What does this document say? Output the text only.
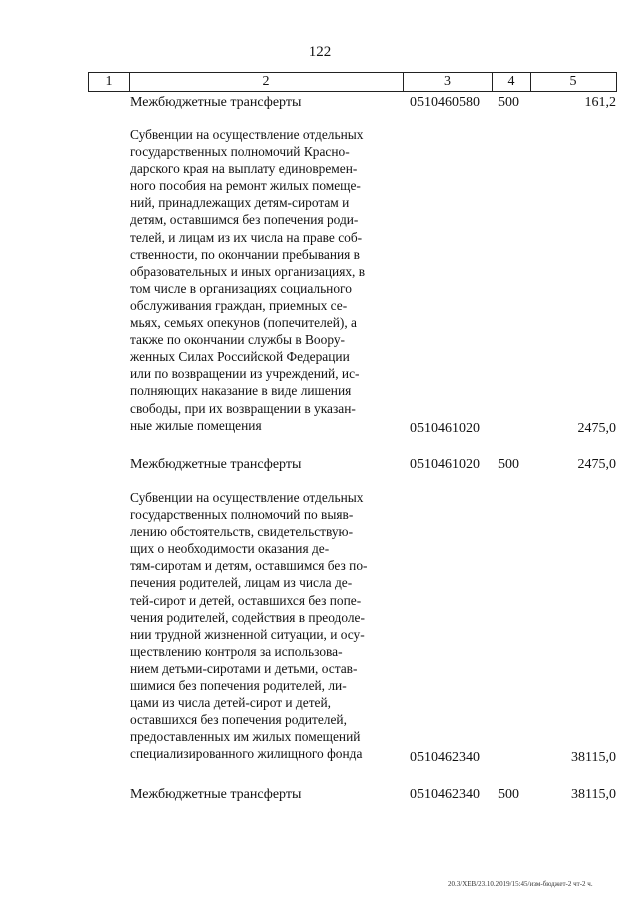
122
1	2	3	4	5
Межбюджетные трансферты	0510460580 500	161,2
Субвенции на осуществление отдельных
государственных полномочий Красно-
дарского края на выплату единовремен-
ного пособия на ремонт жилых помеще-
ний, принадлежащих детям-сиротам и
детям, оставшимся без попечения роди-
телей, и лицам из их числа на праве соб-
ственности, по окончании пребывания в
образовательных и иных организациях, в
том числе в организациях социального
обслуживания граждан, приемных се-
мьях, семьях опекунов (попечителей), а
также по окончании службы в Воору-
женных Силах Российской Федерации
или по возвращении из учреждений, ис-
полняющих наказание в виде лишения
свободы, при их возвращении в указан-
ные жилые помещения	0510461020	2475,0
Межбюджетные трансферты	0510461020 500	2475,0
Субвенции на осуществление отдельных
государственных полномочий по выяв-
лению обстоятельств, свидетельствую-
щих о необходимости оказания де-
тям-сиротам и детям, оставшимся без по-
печения родителей, лицам из числа де-
тей-сирот и детей, оставшихся без попе-
чения родителей, содействия в преодоле-
нии трудной жизненной ситуации, и осу-
ществлению контроля за использова-
нием детьми-сиротами и детьми, остав-
шимися без попечения родителей, ли-
цами из числа детей-сирот и детей,
оставшихся без попечения родителей,
предоставленных им жилых помещений
специализированного жилищного фонда	0510462340	38115,0
Межбюджетные трансферты	0510462340 500	38115,0
20.3/ХЕВ/23.10.2019/15:45/изм-бюджет-2 чт-2 ч.
